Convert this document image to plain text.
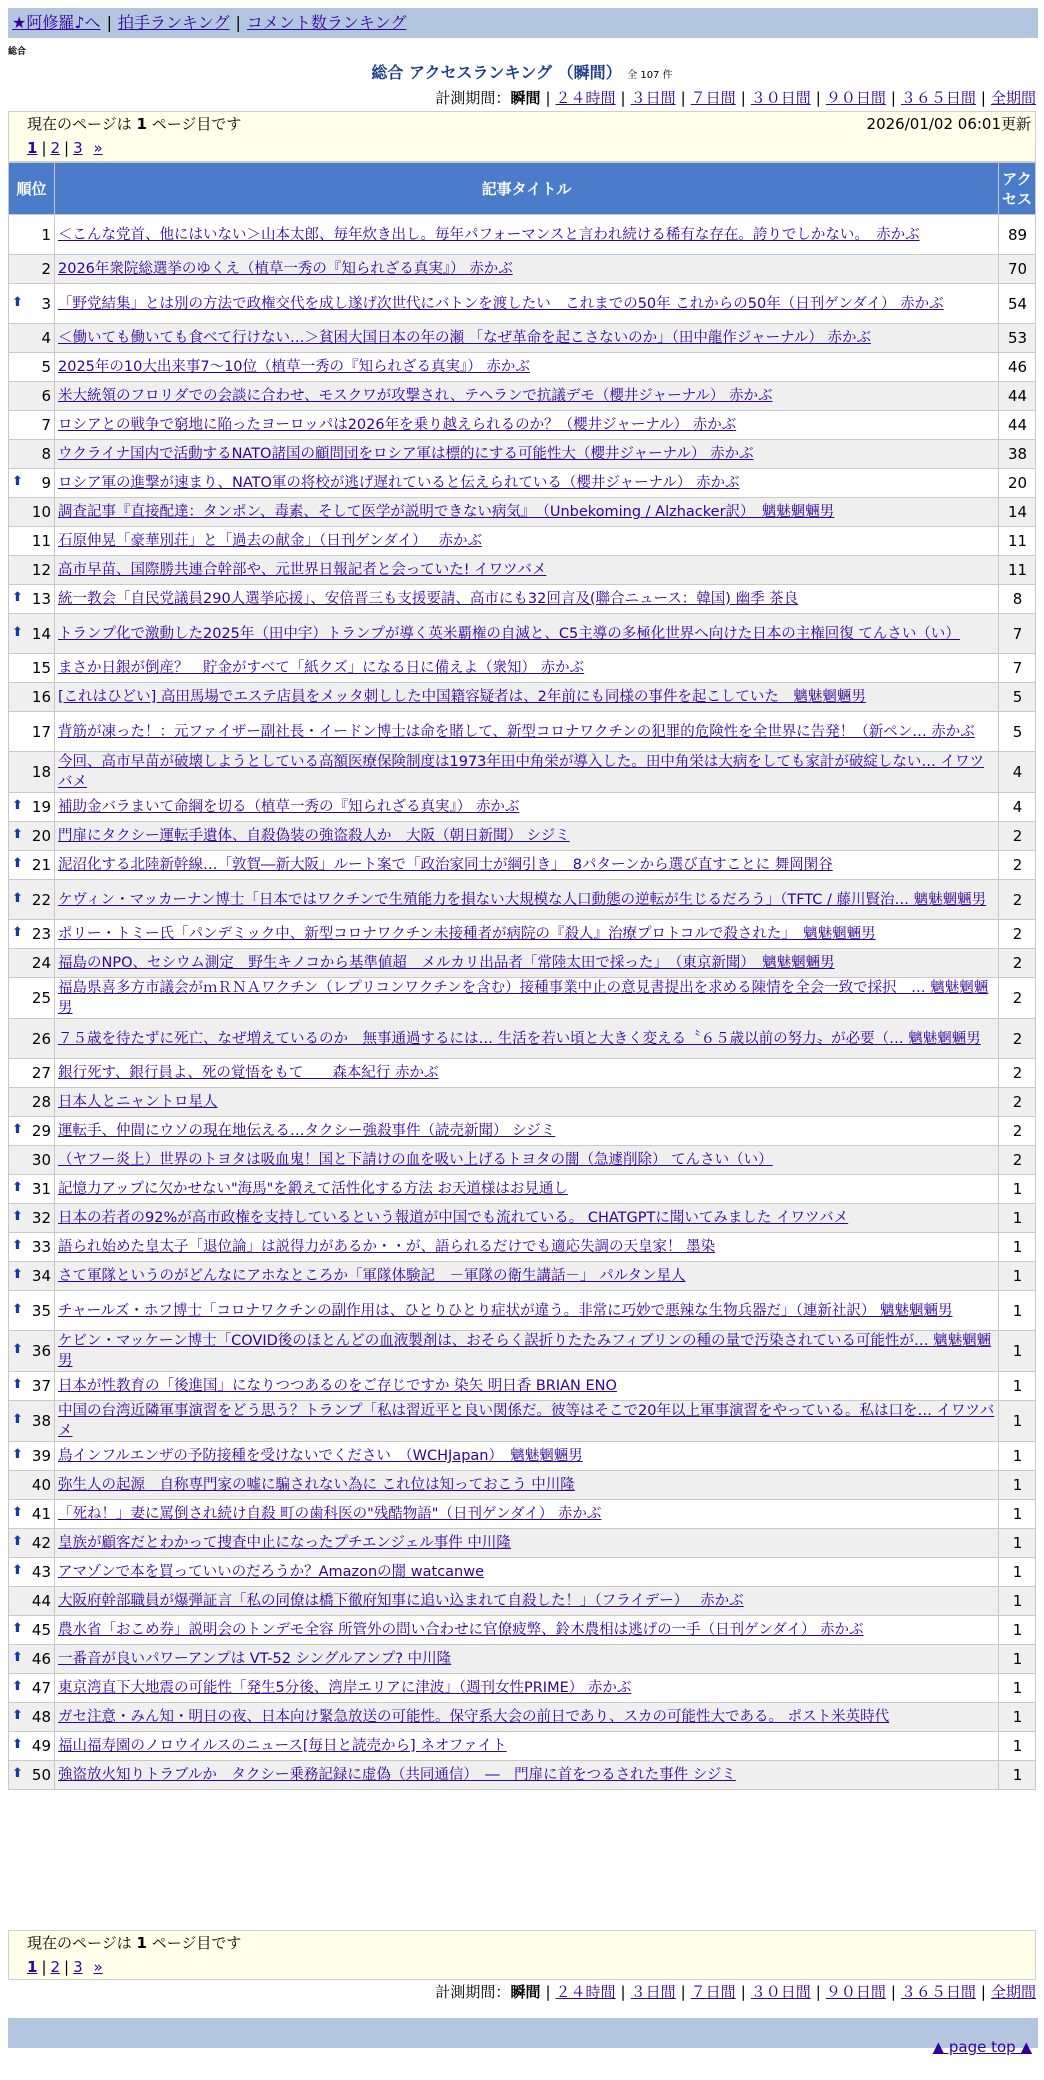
★阿修羅♪へ | 拍手ランキング | コメント数ランキング
総合
総合 アクセスランキング （瞬間） 全 107 件
計測期間：瞬間 | ２４時間 | ３日間 | ７日間 | ３０日間 | ９０日間 | ３６５日間 | 全期間
現在のページは 1 ページ目です	2026/01/02 06:01更新
1 | 2 | 3 »
順位	記事タイトル	アクセス
1	＜こんな党首、他にはいない＞山本太郎、毎年炊き出し。毎年パフォーマンスと言われ続ける稀有な存在。誇りでしかない。　赤かぶ	89
2	2026年衆院総選挙のゆくえ（植草一秀の『知られざる真実』） 赤かぶ	70

⬆ 3	「野党結集」とは別の方法で政権交代を成し遂げ次世代にバトンを渡したい　これまでの50年 これからの50年（日刊ゲンダイ） 赤かぶ	54
4	＜働いても働いても食べて行けない…＞貧困大国日本の年の瀬 「なぜ革命を起こさないのか」（田中龍作ジャーナル） 赤かぶ	53
5	2025年の10大出来事7～10位（植草一秀の『知られざる真実』） 赤かぶ	46
6	米大統領のフロリダでの会談に合わせ、モスクワが攻撃され、テヘランで抗議デモ（櫻井ジャーナル） 赤かぶ	44
7	ロシアとの戦争で窮地に陥ったヨーロッパは2026年を乗り越えられるのか？（櫻井ジャーナル） 赤かぶ	44
8	ウクライナ国内で活動するNATO諸国の顧問団をロシア軍は標的にする可能性大（櫻井ジャーナル） 赤かぶ	38

⬆ 9	ロシア軍の進撃が速まり、NATO軍の将校が逃げ遅れていると伝えられている（櫻井ジャーナル） 赤かぶ	20
10	調査記事『直接配達：タンポン、毒素、そして医学が説明できない病気』　（Unbekoming / Alzhacker訳）　魑魅魍魎男	14
11	石原伸晃「豪華別荘」と「過去の献金」（日刊ゲンダイ）　 赤かぶ	11
12	高市早苗、国際勝共連合幹部や、元世界日報記者と会っていた! イワツバメ	11

⬆ 13	統一教会「自民党議員290人選挙応援」、安倍晋三も支援要請、高市にも32回言及(聯合ニュース：韓国) 幽季 茶良	8

⬆ 14	トランプ化で激動した2025年（田中宇）トランプが導く英米覇権の自滅と、C5主導の多極化世界へ向けた日本の主権回復 てんさい（い）	7
15	まさか日銀が倒産？　貯金がすべて「紙クズ」になる日に備えよ（衆知） 赤かぶ	7
16	[これはひどい] 高田馬場でエステ店員をメッタ刺しした中国籍容疑者は、2年前にも同様の事件を起こしていた　魑魅魍魎男	5
17	背筋が凍った！：元ファイザー副社長・イードン博士は命を賭して、新型コロナワクチンの犯罪的危険性を全世界に告発！（新ペン… 赤かぶ	5
18	今回、高市早苗が破壊しようとしている高額医療保険制度は1973年田中角栄が導入した。田中角栄は大病をしても家計が破綻しない… イワツバメ	4

⬆ 19	補助金バラまいて命綱を切る（植草一秀の『知られざる真実』） 赤かぶ	4

⬆ 20	門扉にタクシー運転手遺体、自殺偽装の強盗殺人か　大阪（朝日新聞） シジミ	2

⬆ 21	泥沼化する北陸新幹線…「敦賀―新大阪」ルート案で「政治家同士が綱引き」　8パターンから選び直すことに 舞岡閑谷	2

⬆ 22	ケヴィン・マッカーナン博士「日本ではワクチンで生殖能力を損ない大規模な人口動態の逆転が生じるだろう」（TFTC / 藤川賢治… 魑魅魍魎男	2

⬆ 23	ポリー・トミー氏「パンデミック中、新型コロナワクチン未接種者が病院の『殺人』治療プロトコルで殺された」　魑魅魍魎男	2
24	福島のNPO、セシウム測定　野生キノコから基準値超　メルカリ出品者「常陸太田で採った」　（東京新聞）　魑魅魍魎男	2
25	福島県喜多方市議会がｍＲＮＡワクチン（レプリコンワクチンを含む）接種事業中止の意見書提出を求める陳情を全会一致で採択　… 魑魅魍魎男	2
26	７５歳を待たずに死亡、なぜ増えているのか　無事通過するには… 生活を若い頃と大きく変える〝６５歳以前の努力〟が必要（… 魑魅魍魎男	2
27	銀行死す、銀行員よ、死の覚悟をもて　　森本紀行 赤かぶ	2
28	日本人とニャントロ星人	2

⬆ 29	運転手、仲間にウソの現在地伝える…タクシー強殺事件（読売新聞） シジミ	2
30	（ヤフー炎上）世界のトヨタは吸血鬼！国と下請けの血を吸い上げるトヨタの闇（急遽削除） てんさい（い）	2

⬆ 31	記憶力アップに欠かせない"海馬"を鍛えて活性化する方法 お天道様はお見通し	1

⬆ 32	日本の若者の92%が高市政権を支持しているという報道が中国でも流れている。 CHATGPTに聞いてみました イワツバメ	1

⬆ 33	語られ始めた皇太子「退位論」は説得力があるか・・が、語られるだけでも適応失調の天皇家！ 墨染	1

⬆ 34	さて軍隊というのがどんなにアホなところか「軍隊体験記　－軍隊の衛生講話－」 パルタン星人	1

⬆ 35	チャールズ・ホフ博士「コロナワクチンの副作用は、ひとりひとり症状が違う。非常に巧妙で悪辣な生物兵器だ」（連新社訳） 魑魅魍魎男	1

⬆ 36	ケビン・マッケーン博士「COVID後のほとんどの血液製剤は、おそらく誤折りたたみフィブリンの種の量で汚染されている可能性が… 魑魅魍魎男	1

⬆ 37	日本が性教育の「後進国」になりつつあるのをご存じですか 染矢 明日香 BRIAN ENO	1

⬆ 38	中国の台湾近隣軍事演習をどう思う？トランプ「私は習近平と良い関係だ。彼等はそこで20年以上軍事演習をやっている。私は口を… イワツバメ	1

⬆ 39	鳥インフルエンザの予防接種を受けないでください　（WCHJapan）　魑魅魍魎男	1
40	弥生人の起源　自称専門家の嘘に騙されない為に これ位は知っておこう 中川隆	1

⬆ 41	「死ね！」妻に罵倒され続け自殺 町の歯科医の"残酷物語"（日刊ゲンダイ） 赤かぶ	1

⬆ 42	皇族が顧客だとわかって捜査中止になったプチエンジェル事件 中川隆	1

⬆ 43	アマゾンで本を買っていいのだろうか？Amazonの闇 watcanwe	1
44	大阪府幹部職員が爆弾証言「私の同僚は橋下徹府知事に追い込まれて自殺した！」（フライデー）　 赤かぶ	1

⬆ 45	農水省「おこめ券」説明会のトンデモ全容 所管外の問い合わせに官僚疲弊、鈴木農相は逃げの一手（日刊ゲンダイ） 赤かぶ	1

⬆ 46	一番音が良いパワーアンプは VT-52 シングルアンプ? 中川隆	1

⬆ 47	東京湾直下大地震の可能性「発生5分後、湾岸エリアに津波」（週刊女性PRIME） 赤かぶ	1

⬆ 48	ガセ注意・みん知・明日の夜、日本向け緊急放送の可能性。保守系大会の前日であり、スカの可能性大である。 ポスト米英時代	1

⬆ 49	福山福寿園のノロウイルスのニュース[毎日と読売から] ネオファイト	1

⬆ 50	強盗放火知りトラブルか　タクシー乗務記録に虚偽（共同通信）　―　門扉に首をつるされた事件 シジミ	1
現在のページは 1 ページ目です
1 | 2 | 3 »
計測期間：瞬間 | ２４時間 | ３日間 | ７日間 | ３０日間 | ９０日間 | ３６５日間 | 全期間
▲ page top ▲
